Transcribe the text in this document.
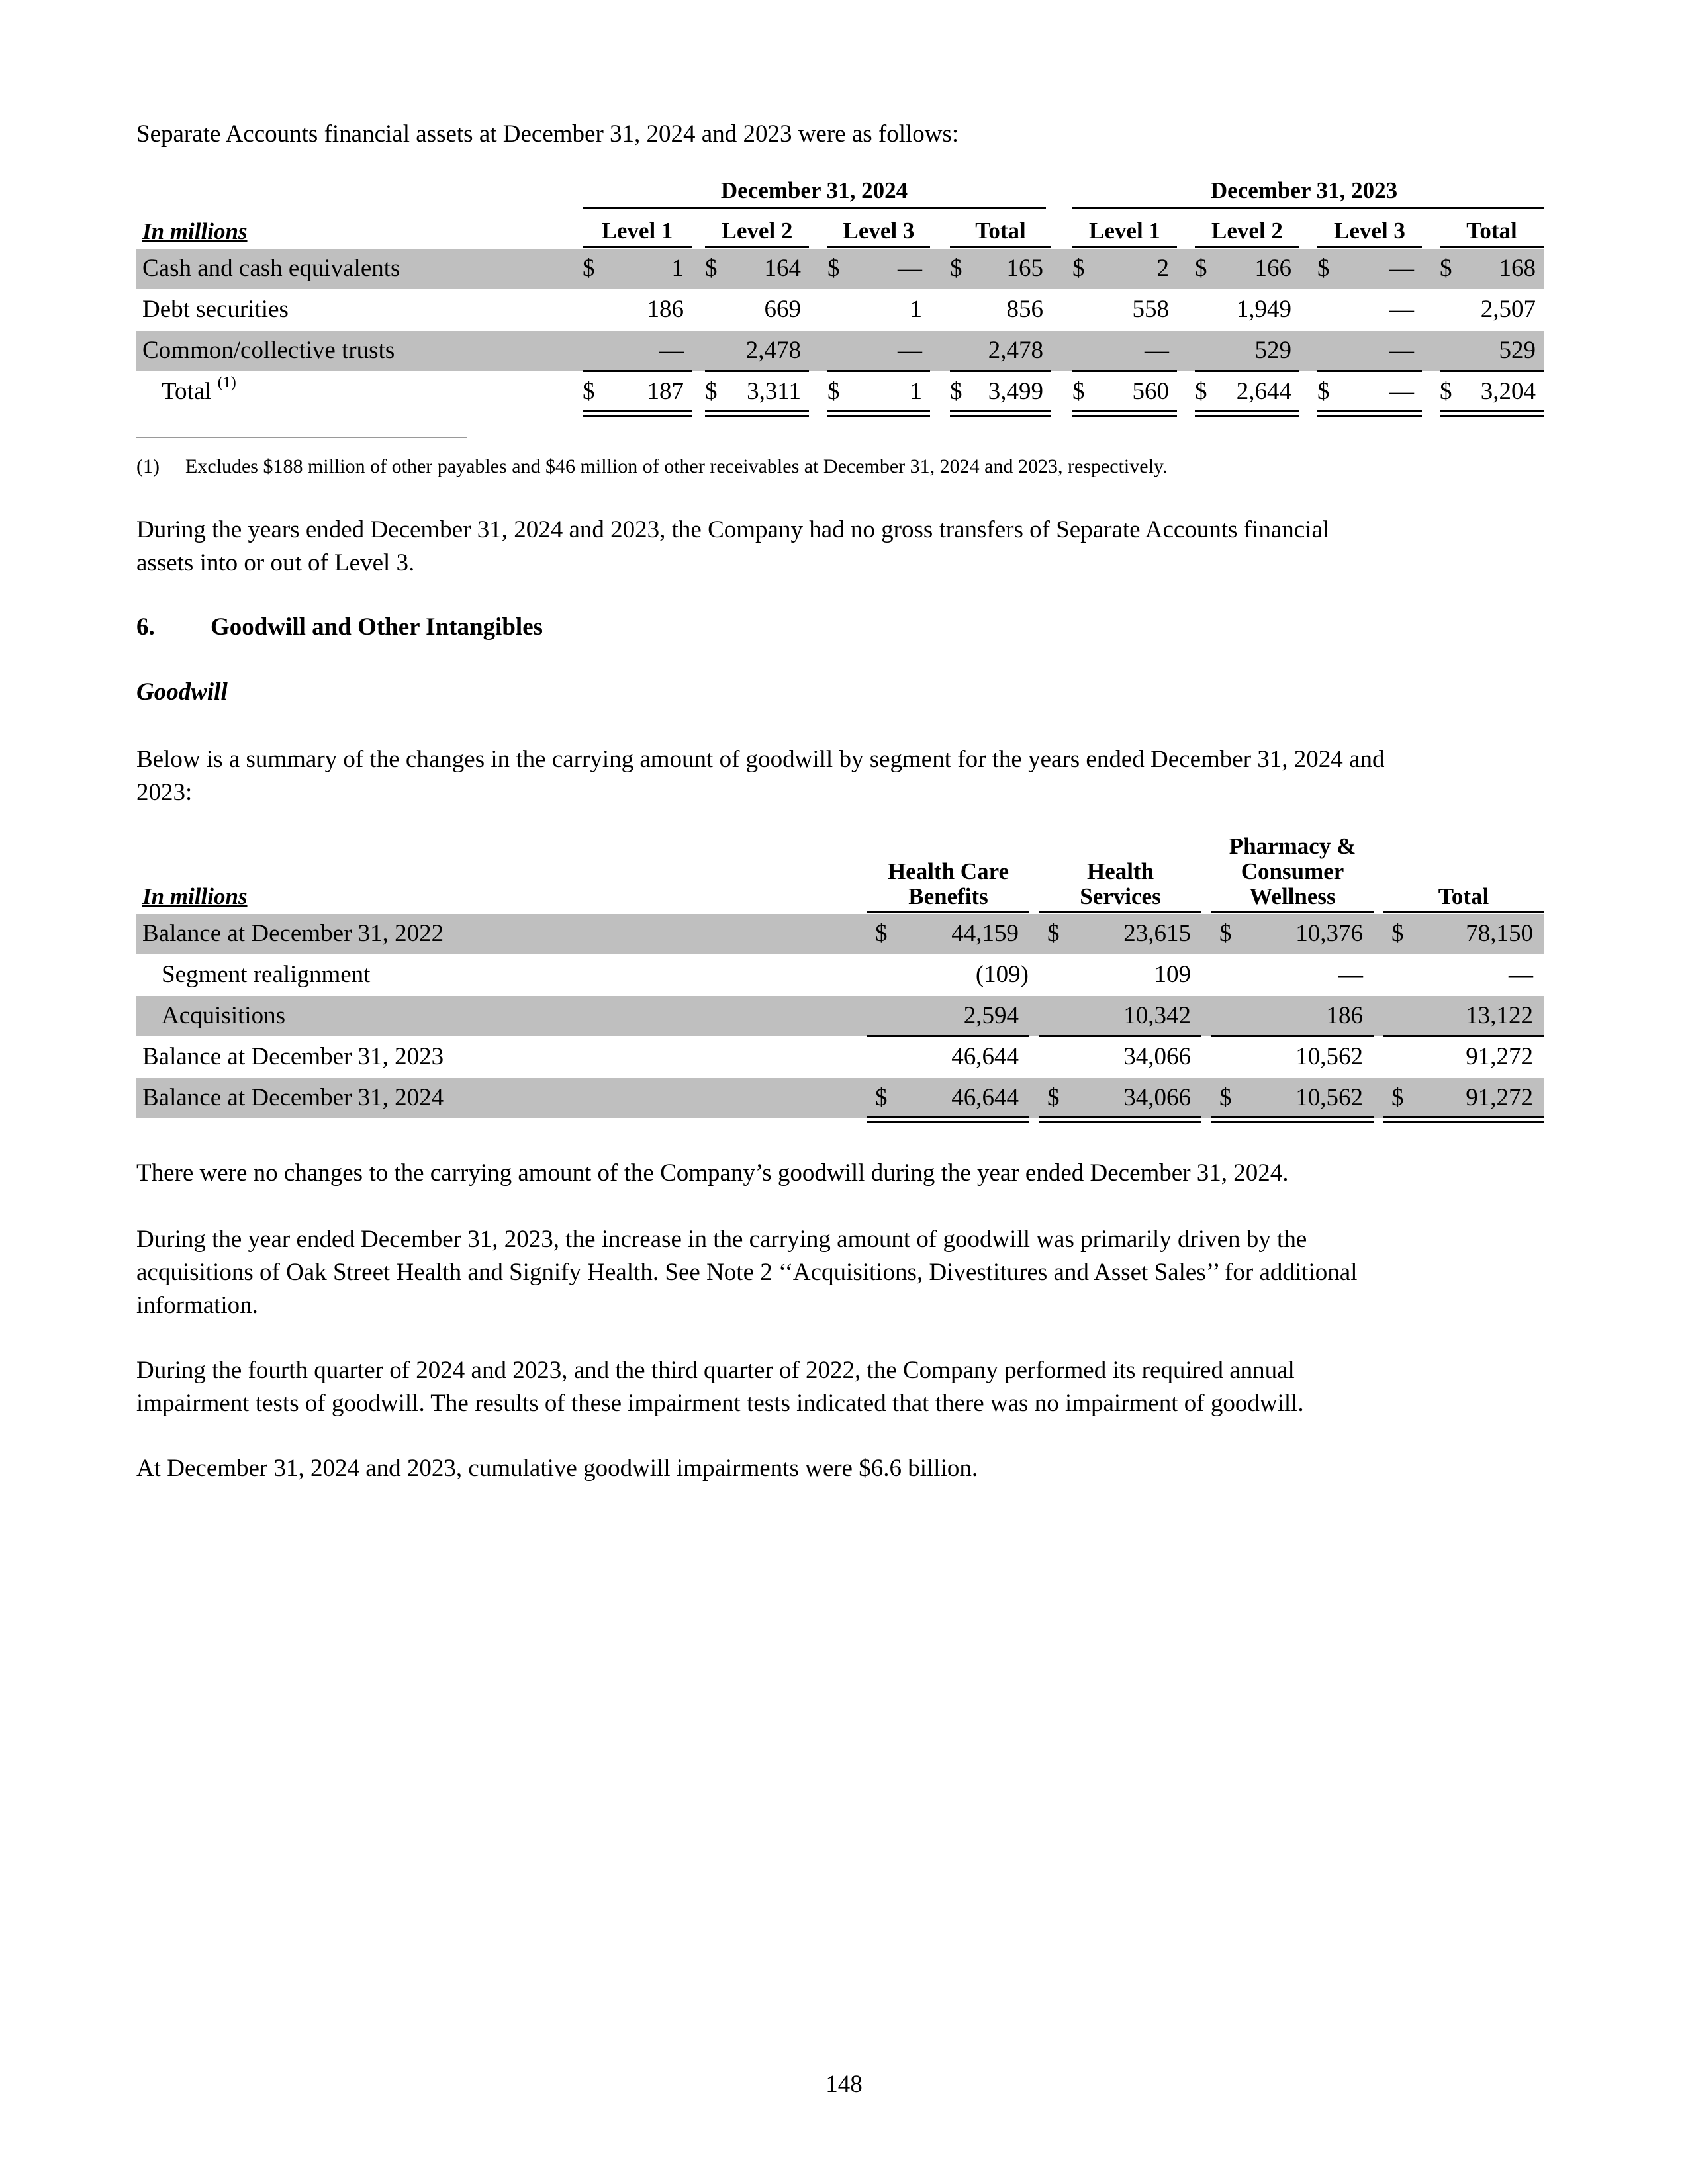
Separate Accounts financial assets at December 31, 2024 and 2023 were as follows:
December 31, 2024	December 31, 2023
In millions	Level 1	Level 2	Level 3	Total	Level 1	Level 2	Level 3	Total
Cash and cash equivalents	$	1 $	164 $	— $	165 $	2 $	166 $	— $	168
Debt securities	186	669	1	856	558	1,949	—	2,507
Common/collective trusts	—	2,478	—	2,478	—	529	—	529
Total $^{(1)}$	$	187 $	3,311 $	1 $	3,499 $	560 $	2,644 $	— $	3,204
(1) Excludes $188 million of other payables and $46 million of other receivables at December 31, 2024 and 2023, respectively.
During the years ended December 31, 2024 and 2023, the Company had no gross transfers of Separate Accounts financial
assets into or out of Level 3.
6. Goodwill and Other Intangibles
Goodwill
Below is a summary of the changes in the carrying amount of goodwill by segment for the years ended December 31, 2024 and
2023:
In millions
Health Care
Benefits
Health
Services
Pharmacy &
Consumer
Wellness	Total
Balance at December 31, 2022	$	44,159 $	23,615 $	10,376 $	78,150
Segment realignment	(109)	109	—	—
Acquisitions	2,594	10,342	186	13,122
Balance at December 31, 2023	46,644	34,066	10,562	91,272
Balance at December 31, 2024	$	46,644 $	34,066 $	10,562 $	91,272
There were no changes to the carrying amount of the Company’s goodwill during the year ended December 31, 2024.
During the year ended December 31, 2023, the increase in the carrying amount of goodwill was primarily driven by the
acquisitions of Oak Street Health and Signify Health. See Note 2 ‘‘Acquisitions, Divestitures and Asset Sales’’ for additional
information.
During the fourth quarter of 2024 and 2023, and the third quarter of 2022, the Company performed its required annual
impairment tests of goodwill. The results of these impairment tests indicated that there was no impairment of goodwill.
At December 31, 2024 and 2023, cumulative goodwill impairments were $6.6 billion.
148
